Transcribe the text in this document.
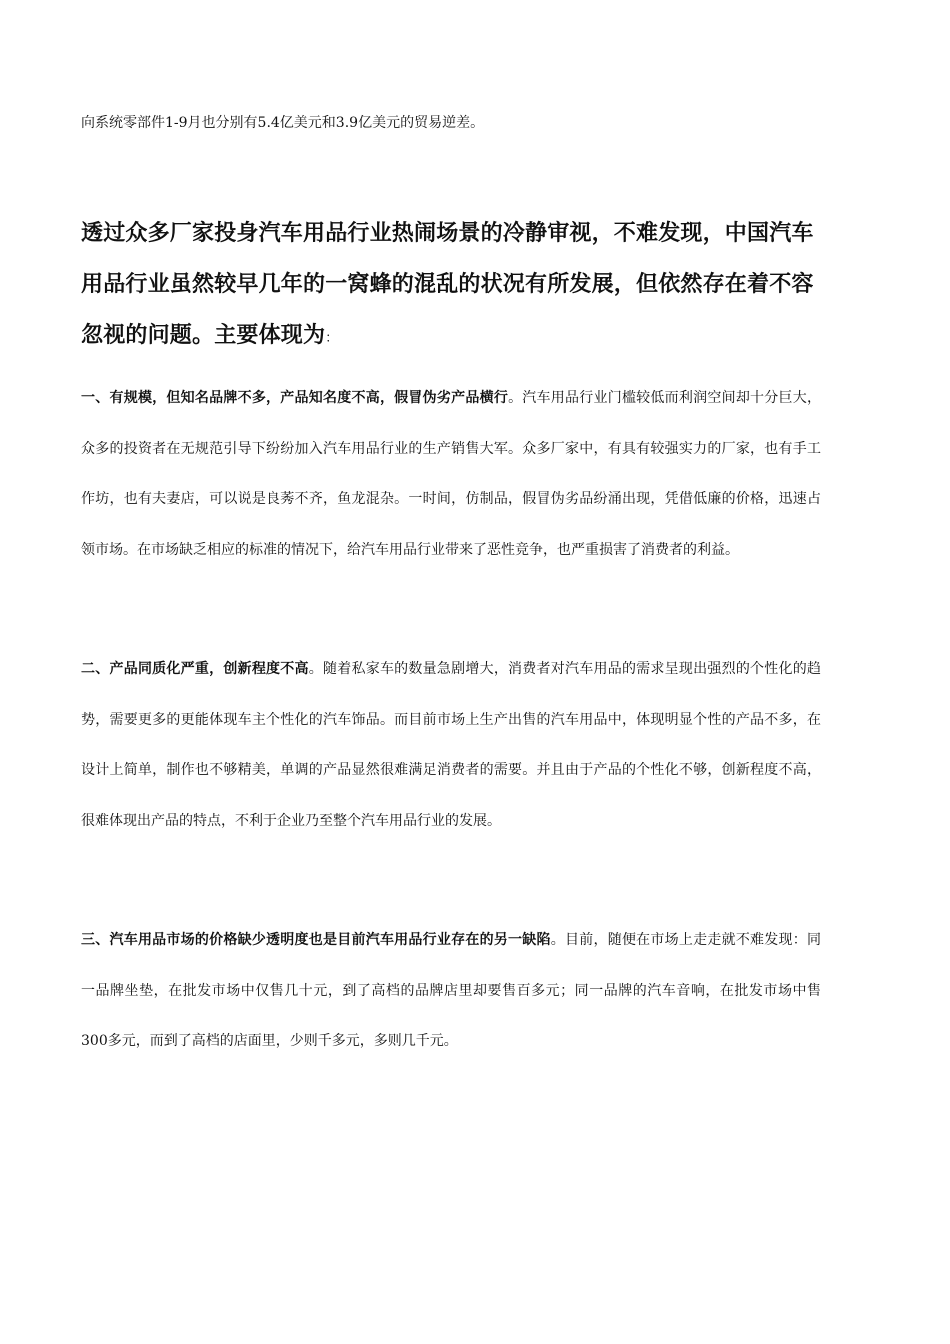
向系统零部件1-9月也分别有5.4亿美元和3.9亿美元的贸易逆差。
透过众多厂家投身汽车用品行业热闹场景的冷静审视，不难发现，中国汽车用品行业虽然较早几年的一窝蜂的混乱的状况有所发展，但依然存在着不容忽视的问题。主要体现为：
一、有规模，但知名品牌不多，产品知名度不高，假冒伪劣产品横行。汽车用品行业门槛较低而利润空间却十分巨大，众多的投资者在无规范引导下纷纷加入汽车用品行业的生产销售大军。众多厂家中，有具有较强实力的厂家，也有手工作坊，也有夫妻店，可以说是良莠不齐，鱼龙混杂。一时间，仿制品，假冒伪劣品纷涌出现，凭借低廉的价格，迅速占领市场。在市场缺乏相应的标准的情况下，给汽车用品行业带来了恶性竞争，也严重损害了消费者的利益。
二、产品同质化严重，创新程度不高。随着私家车的数量急剧增大，消费者对汽车用品的需求呈现出强烈的个性化的趋势，需要更多的更能体现车主个性化的汽车饰品。而目前市场上生产出售的汽车用品中，体现明显个性的产品不多，在设计上简单，制作也不够精美，单调的产品显然很难满足消费者的需要。并且由于产品的个性化不够，创新程度不高，很难体现出产品的特点，不利于企业乃至整个汽车用品行业的发展。
三、汽车用品市场的价格缺少透明度也是目前汽车用品行业存在的另一缺陷。目前，随便在市场上走走就不难发现：同一品牌坐垫，在批发市场中仅售几十元，到了高档的品牌店里却要售百多元；同一品牌的汽车音响，在批发市场中售300多元，而到了高档的店面里，少则千多元，多则几千元。
